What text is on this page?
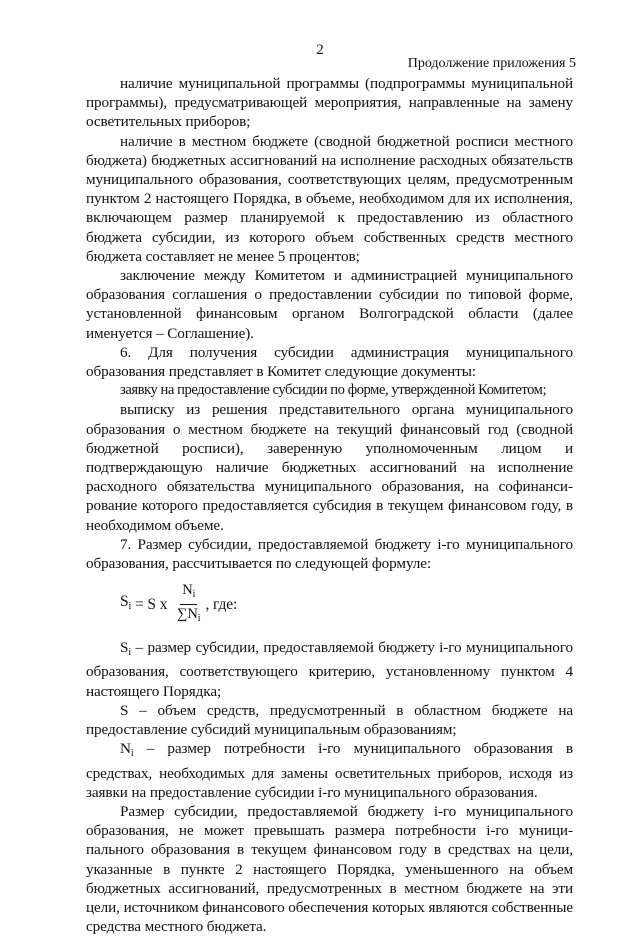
2
Продолжение приложения 5

наличие муниципальной программы (подпрограммы муниципальной программы), предусматривающей мероприятия, направленные на замену осветительных приборов;

наличие в местном бюджете (сводной бюджетной росписи местного бюджета) бюджетных ассигнований на исполнение расходных обязательств муниципального образования, соответствующих целям, предусмотренным пунктом 2 настоящего Порядка, в объеме, необходимом для их исполнения, включающем размер планируемой к предоставлению из областного бюджета субсидии, из которого объем собственных средств местного бюджета составляет не менее 5 процентов;

заключение между Комитетом и администрацией муниципального образования соглашения о предоставлении субсидии по типовой форме, установленной финансовым органом Волгоградской области (далее именуется – Соглашение).

6. Для получения субсидии администрация муниципального образования представляет в Комитет следующие документы:

заявку на предоставление субсидии по форме, утвержденной Комитетом;

выписку из решения представительного органа муниципального образования о местном бюджете на текущий финансовый год (сводной бюджетной росписи), заверенную уполномоченным лицом и подтверждающую наличие бюджетных ассигнований на исполнение расходного обязательства муниципального образования, на софинансирование которого предоставляется субсидия в текущем финансовом году, в необходимом объеме.

7. Размер субсидии, предоставляемой бюджету i-го муниципального образования, рассчитывается по следующей формуле:

$S_i = S$ x $\frac{N_i}{\sum N_i}$ , где:

$S_i$ – размер субсидии, предоставляемой бюджету i-го муниципального образования, соответствующего критерию, установленному пунктом 4 настоящего Порядка;

S – объем средств, предусмотренный в областном бюджете на предоставление субсидий муниципальным образованиям;

$N_i$ – размер потребности i-го муниципального образования в средствах, необходимых для замены осветительных приборов, исходя из заявки на предоставление субсидии i-го муниципального образования.

Размер субсидии, предоставляемой бюджету i-го муниципального образования, не может превышать размера потребности i-го муниципального образования в текущем финансовом году в средствах на цели, указанные в пункте 2 настоящего Порядка, уменьшенного на объем бюджетных ассигнований, предусмотренных в местном бюджете на эти цели, источником финансового обеспечения которых являются собственные средства местного бюджета.
